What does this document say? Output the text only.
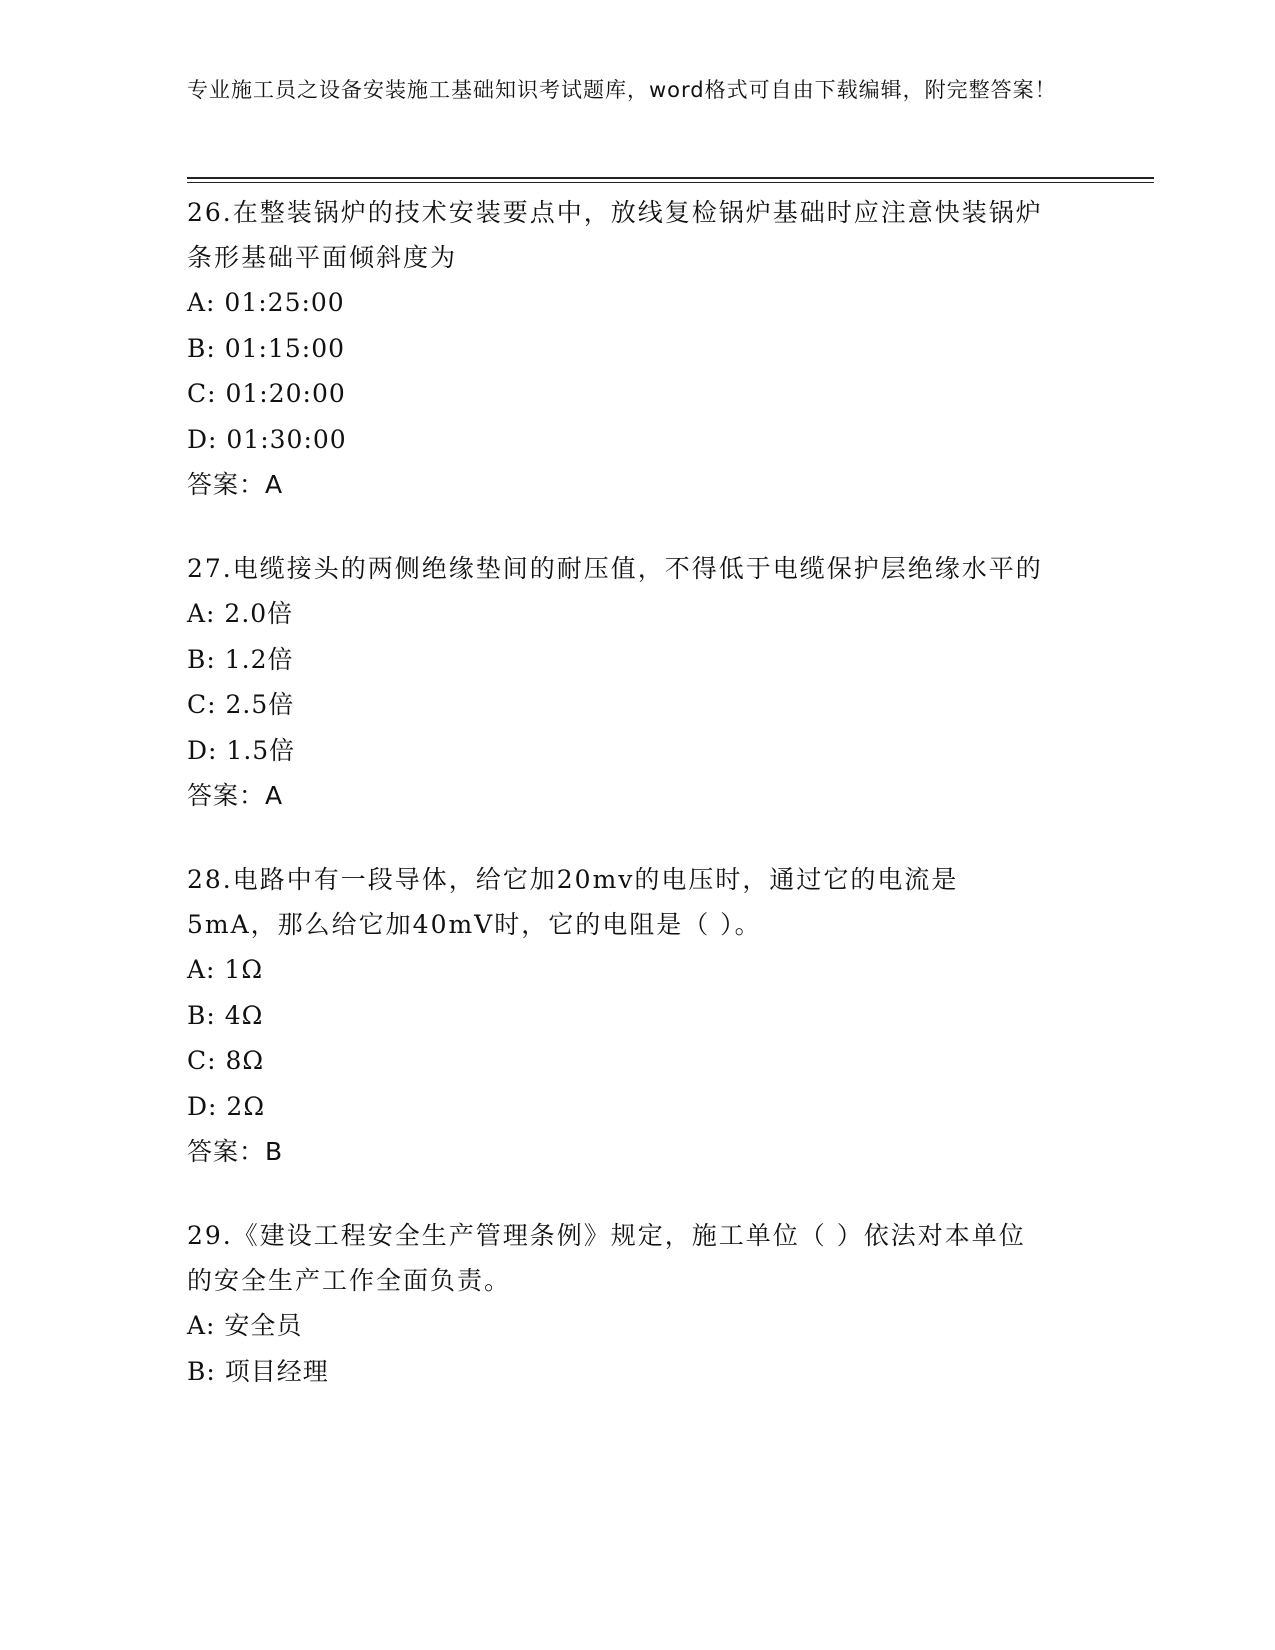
专业施工员之设备安装施工基础知识考试题库，word格式可自由下载编辑，附完整答案！

26.在整装锅炉的技术安装要点中，放线复检锅炉基础时应注意快装锅炉条形基础平面倾斜度为

A: 01:25:00

B: 01:15:00

C: 01:20:00

D: 01:30:00

答案：A

27.电缆接头的两侧绝缘垫间的耐压值，不得低于电缆保护层绝缘水平的

A: 2.0倍

B: 1.2倍

C: 2.5倍

D: 1.5倍

答案：A

28.电路中有一段导体，给它加20mv的电压时，通过它的电流是5mA，那么给它加40mV时，它的电阻是（ ）。

A: 1Ω

B: 4Ω

C: 8Ω

D: 2Ω

答案：B

29.《建设工程安全生产管理条例》规定，施工单位（ ）依法对本单位的安全生产工作全面负责。

A: 安全员

B: 项目经理
